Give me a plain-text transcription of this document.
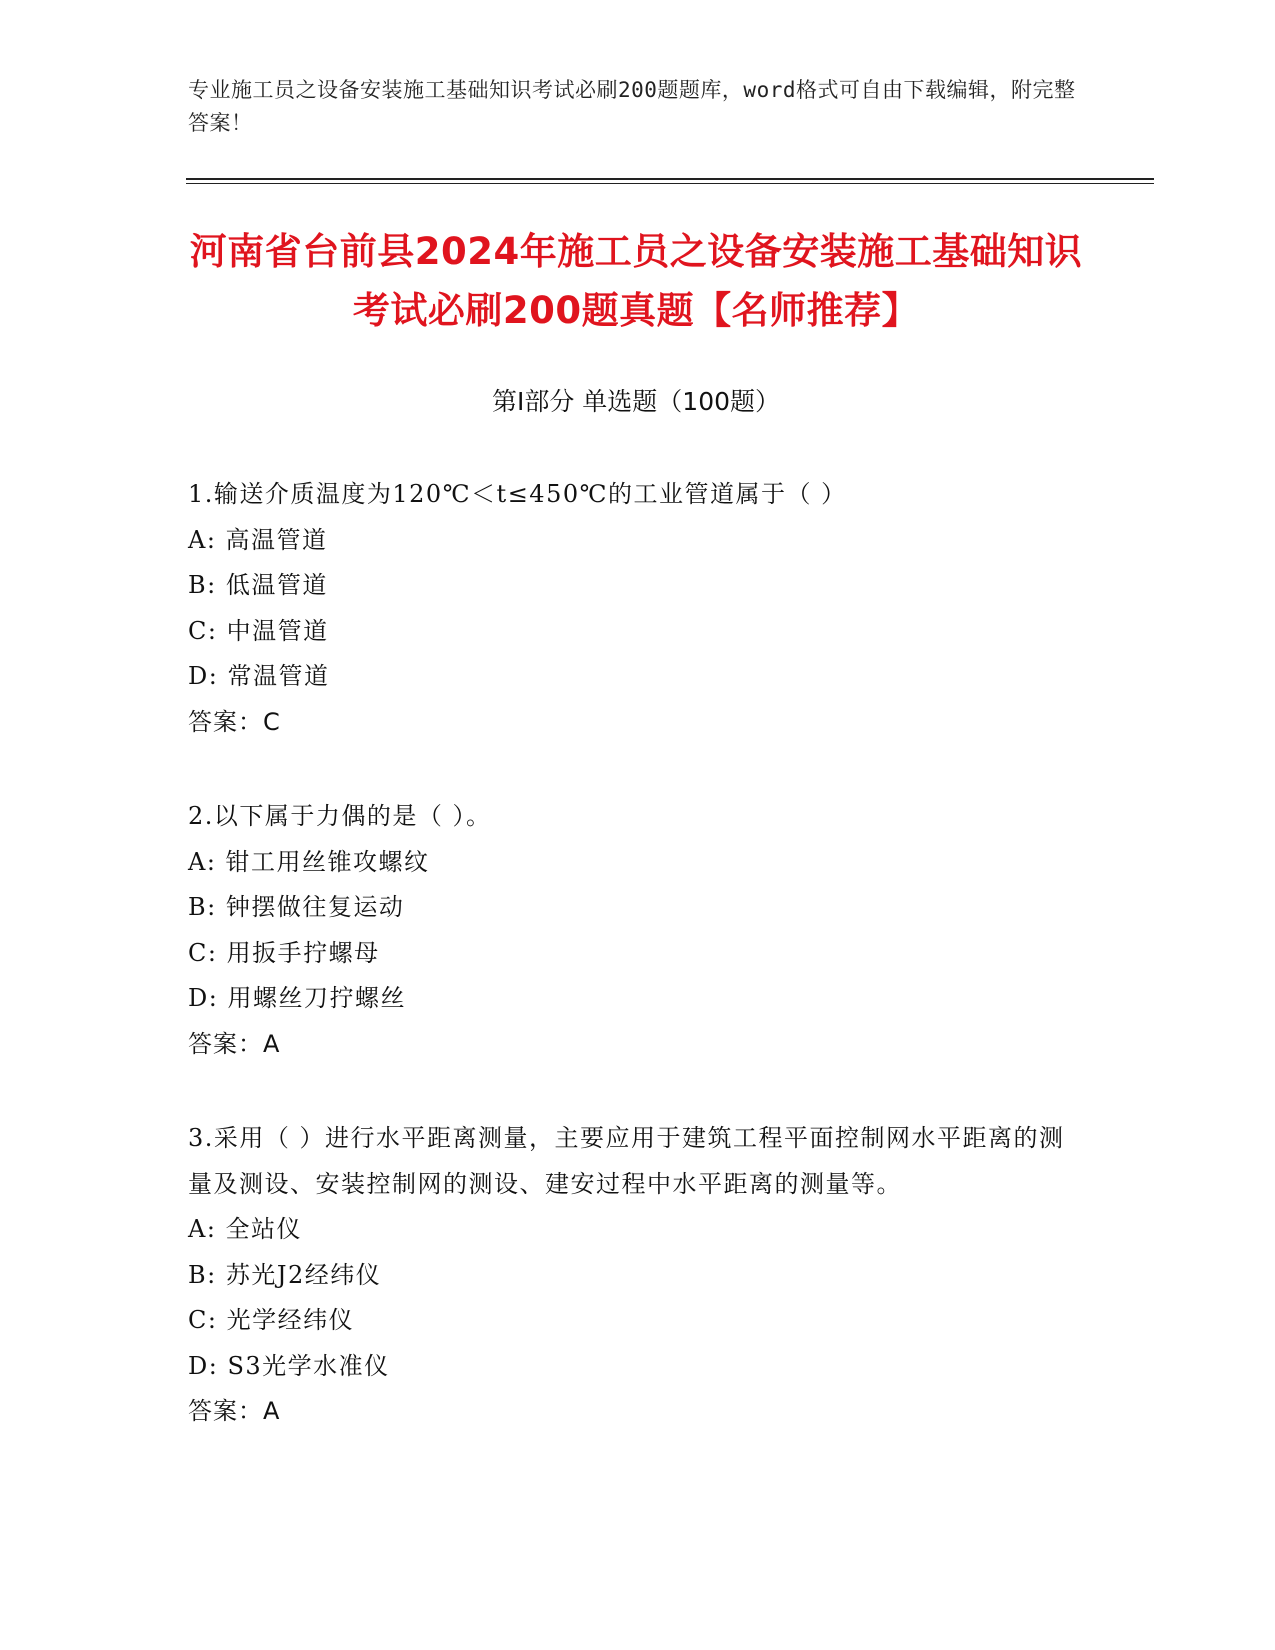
专业施工员之设备安装施工基础知识考试必刷200题题库，word格式可自由下载编辑，附完整答案！
河南省台前县2024年施工员之设备安装施工基础知识考试必刷200题真题【名师推荐】
第I部分 单选题（100题）
1.输送介质温度为120℃＜t≤450℃的工业管道属于（ ）
A: 高温管道
B: 低温管道
C: 中温管道
D: 常温管道
答案：C
2.以下属于力偶的是（ ）。
A: 钳工用丝锥攻螺纹
B: 钟摆做往复运动
C: 用扳手拧螺母
D: 用螺丝刀拧螺丝
答案：A
3.采用（ ）进行水平距离测量，主要应用于建筑工程平面控制网水平距离的测量及测设、安装控制网的测设、建安过程中水平距离的测量等。
A: 全站仪
B: 苏光J2经纬仪
C: 光学经纬仪
D: S3光学水准仪
答案：A
